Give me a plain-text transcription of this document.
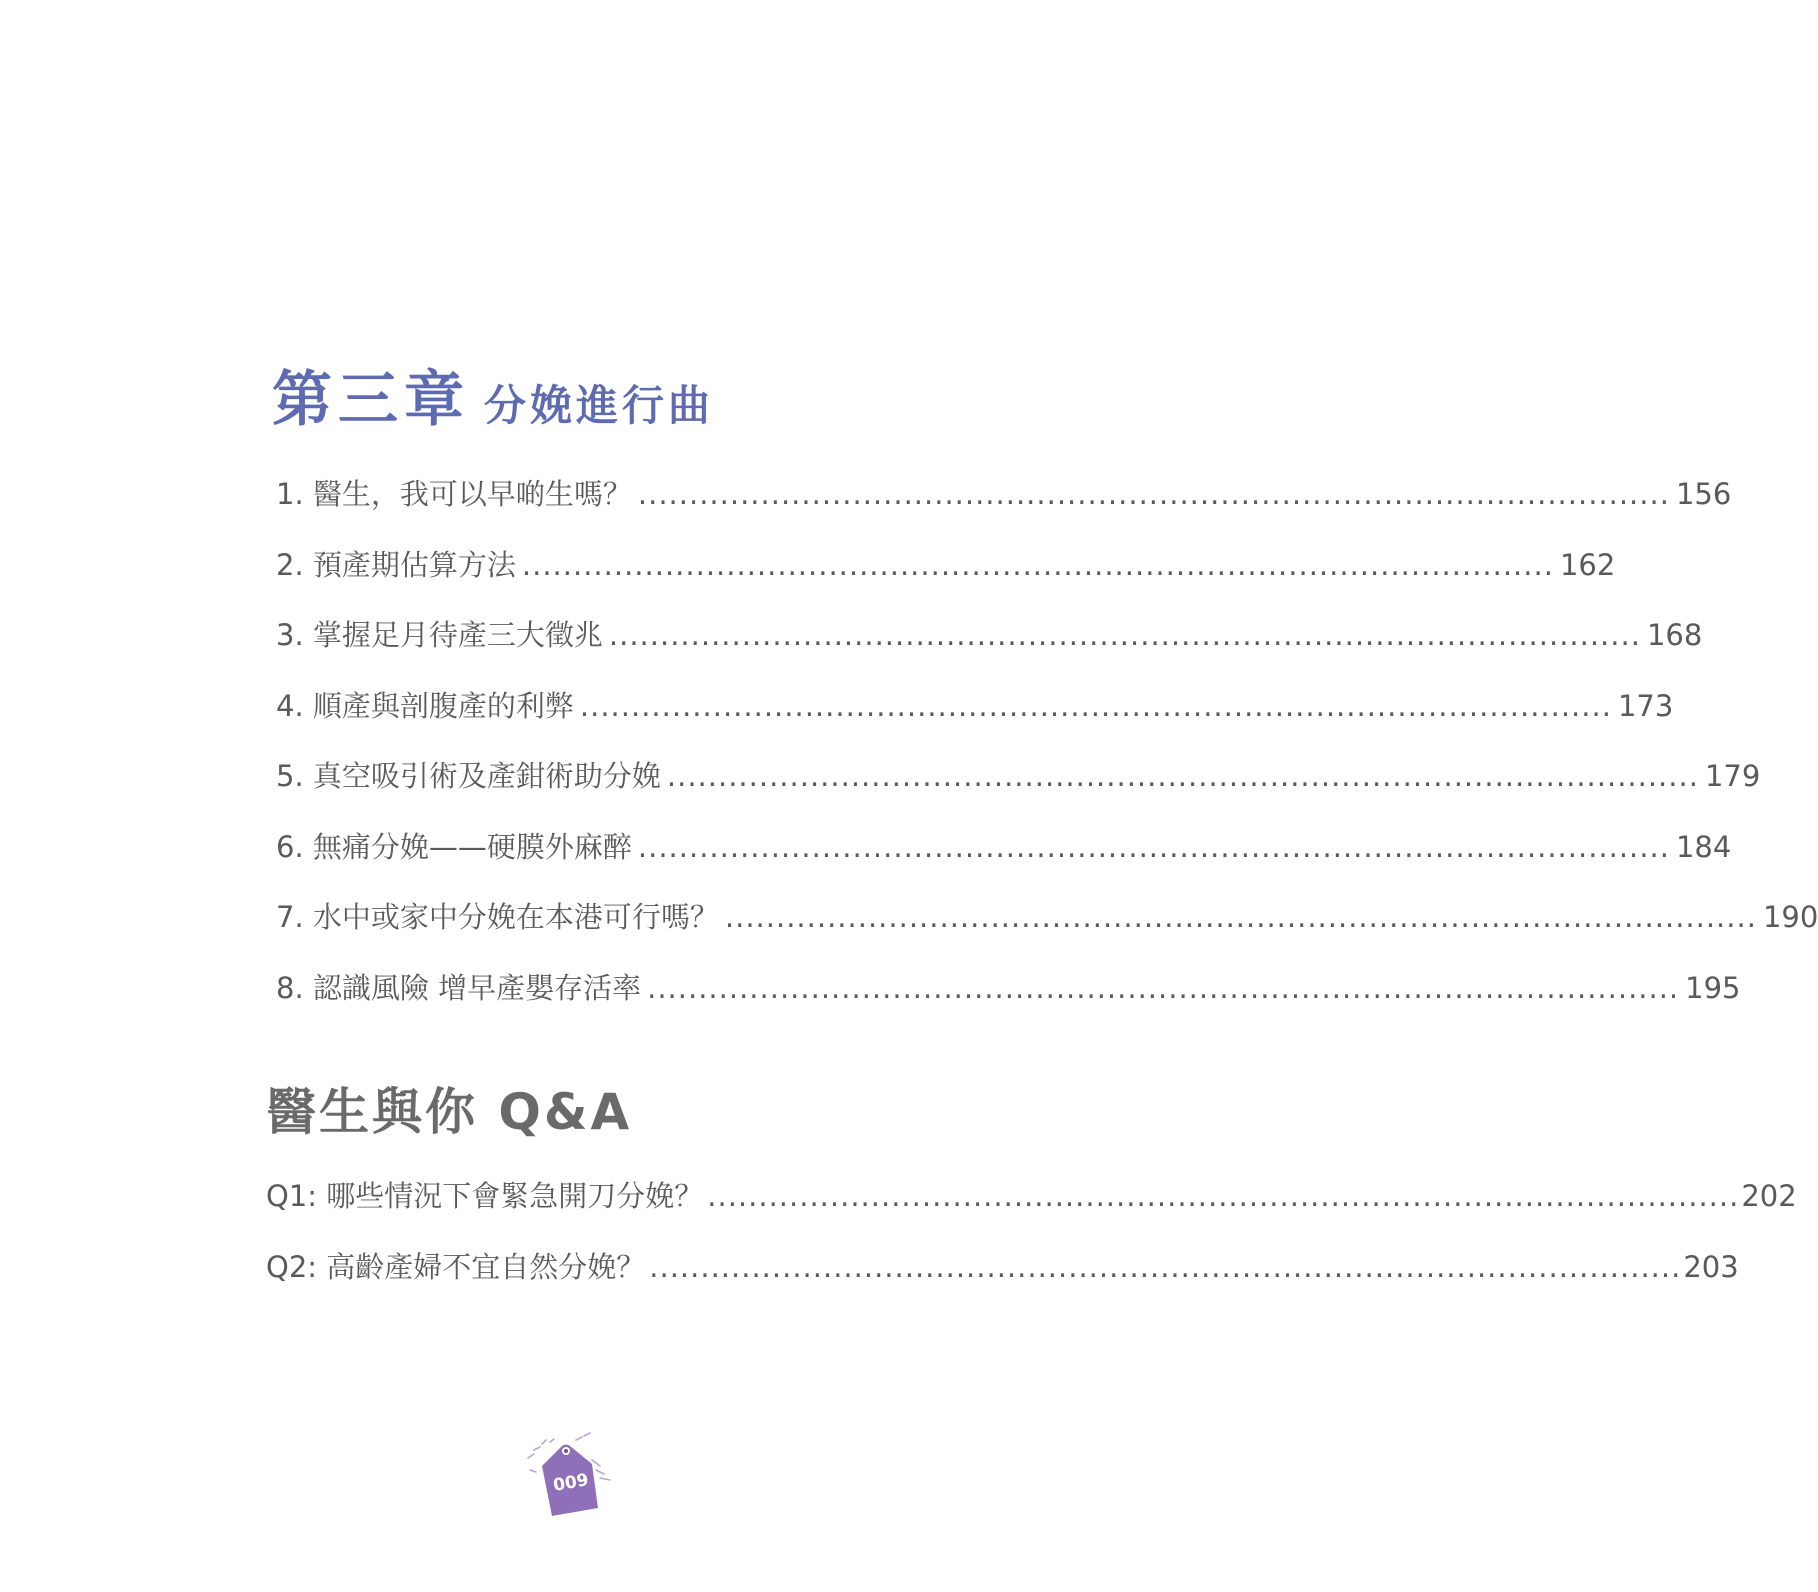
第三章 分娩進行曲
1. 醫生，我可以早啲生嗎？ ..................................................................................................... 156
2. 預產期估算方法 ..................................................................................................... 162
3. 掌握足月待產三大徵兆 ..................................................................................................... 168
4. 順產與剖腹產的利弊 ..................................................................................................... 173
5. 真空吸引術及產鉗術助分娩 ..................................................................................................... 179
6. 無痛分娩——硬膜外麻醉 ..................................................................................................... 184
7. 水中或家中分娩在本港可行嗎？ ..................................................................................................... 190
8. 認識風險 增早產嬰存活率 ..................................................................................................... 195
醫生與你 Q&A
Q1: 哪些情況下會緊急開刀分娩？ ..................................................................................................... 202
Q2: 高齡產婦不宜自然分娩？ ..................................................................................................... 203
009
